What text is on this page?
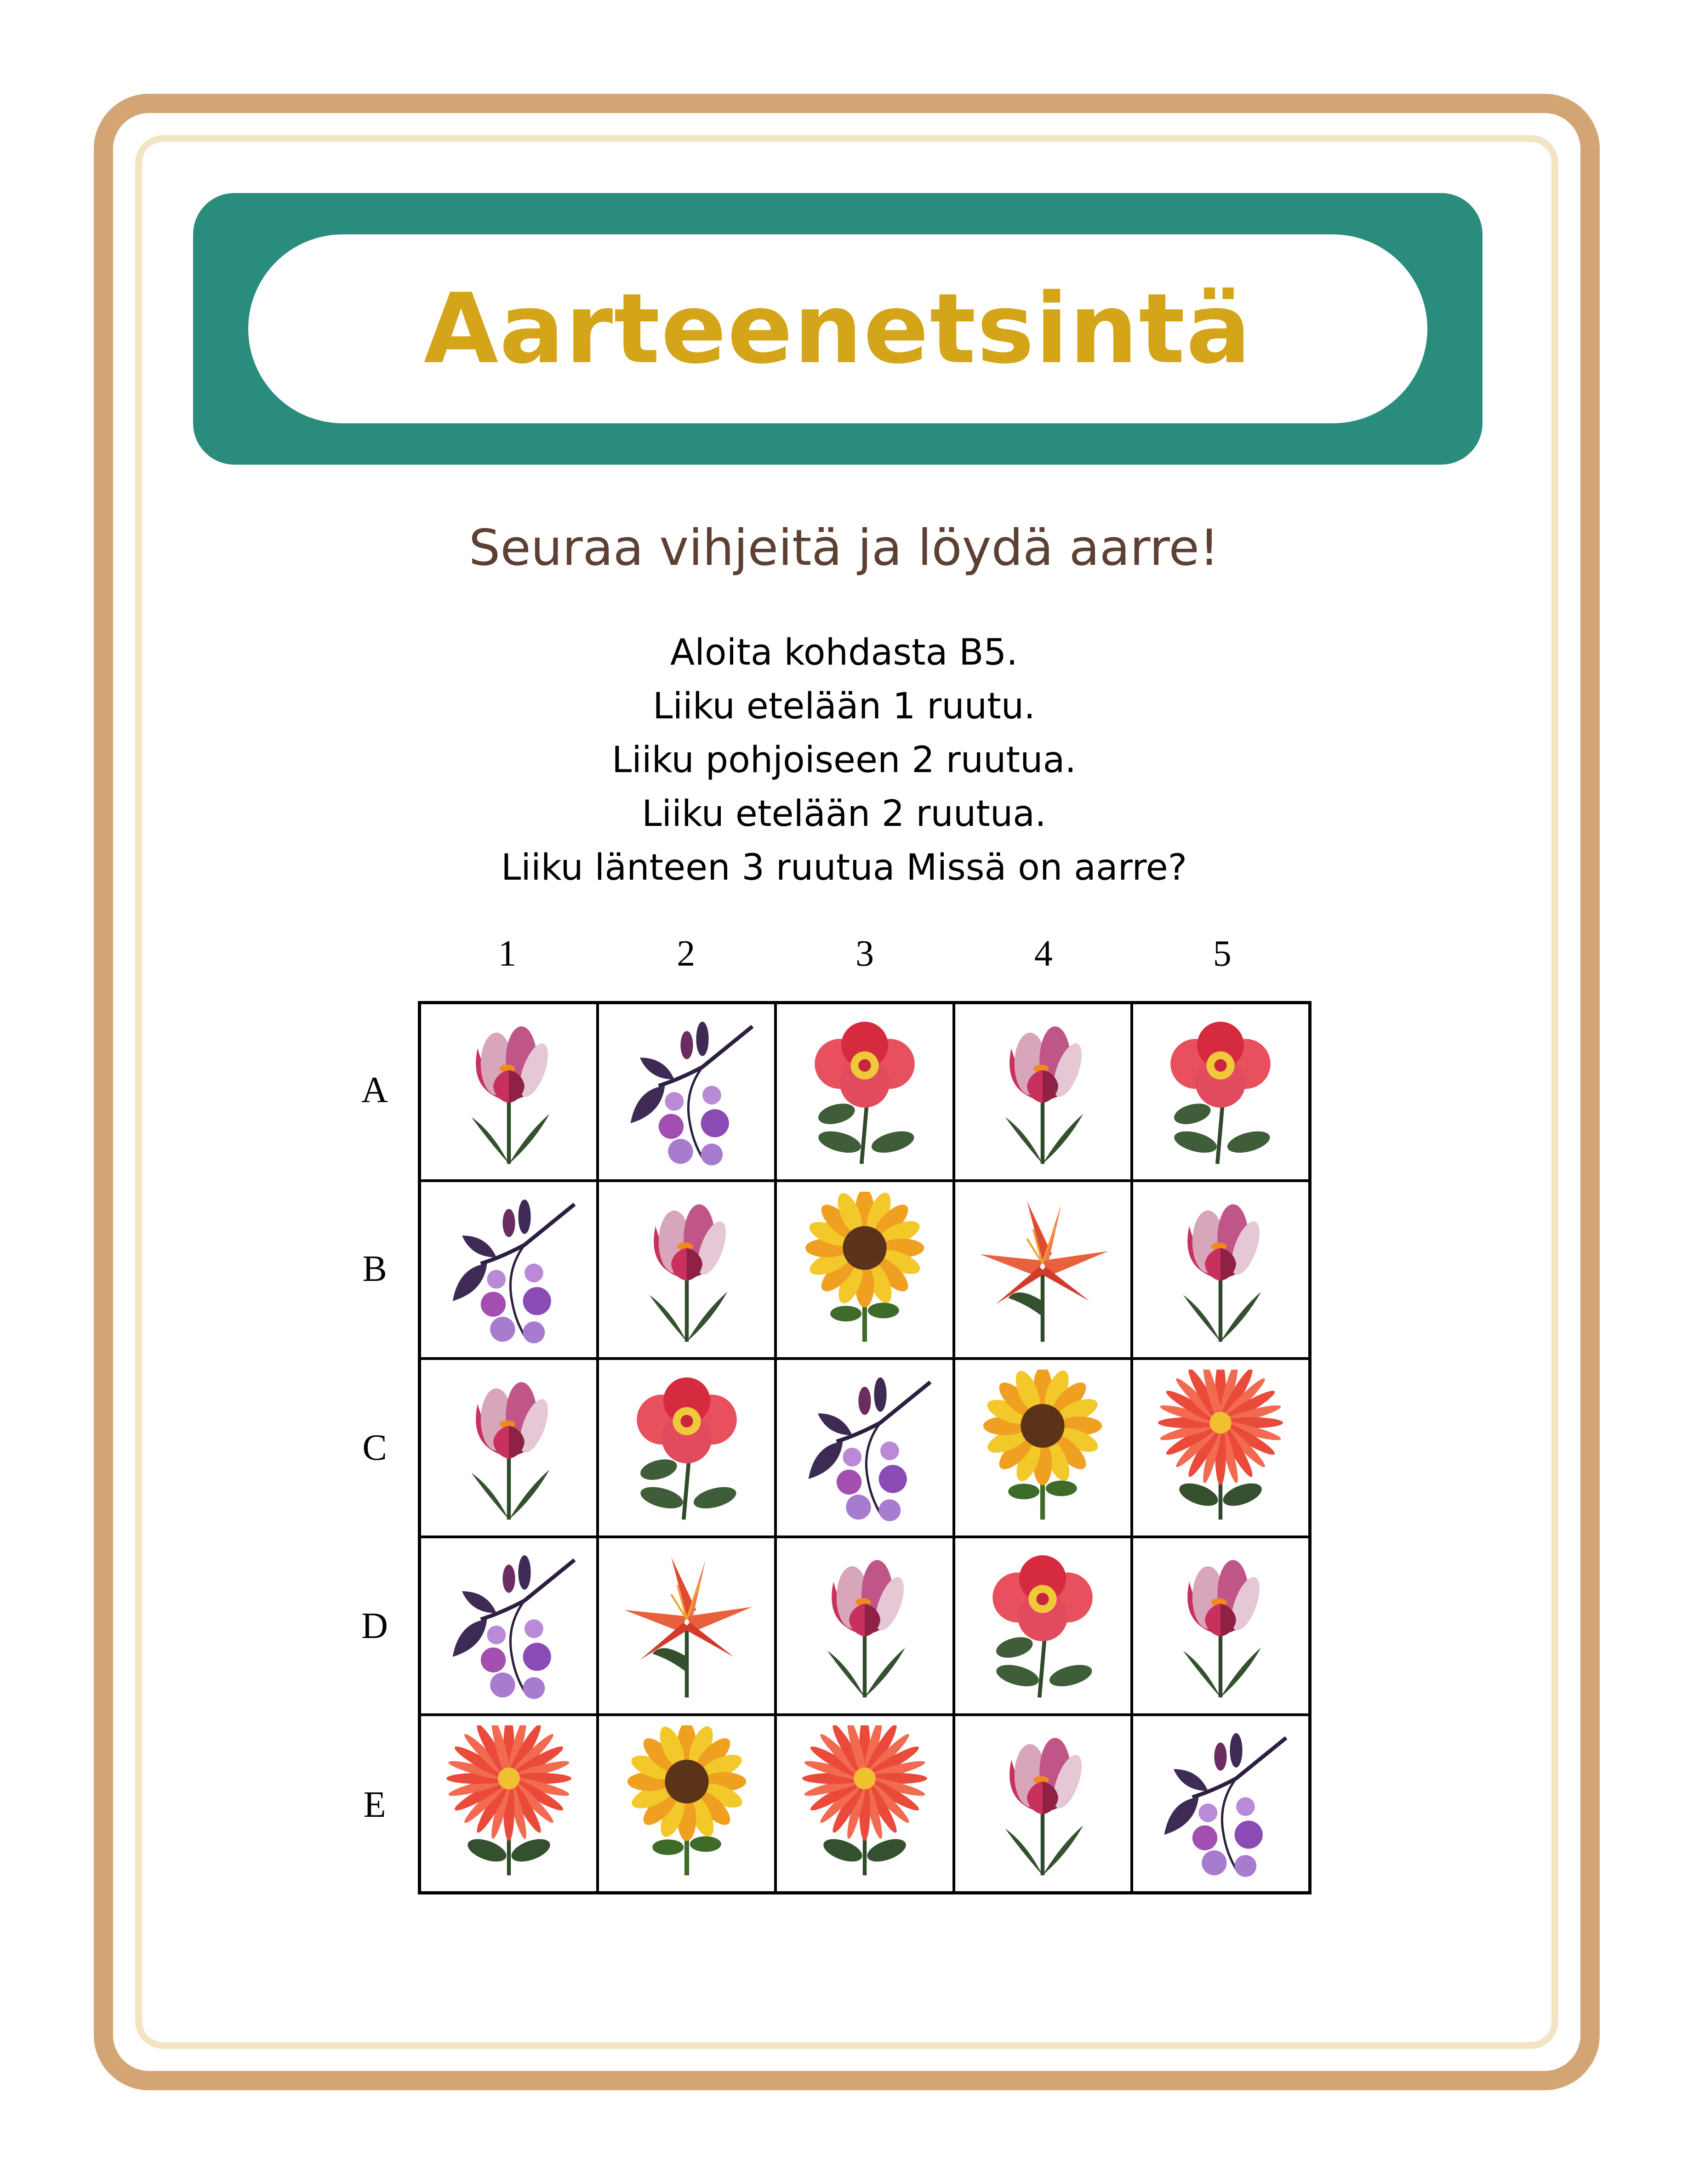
Aarteenetsintä
Seuraa vihjeitä ja löydä aarre!
Aloita kohdasta B5.
Liiku etelään 1 ruutu.
Liiku pohjoiseen 2 ruutua.
Liiku etelään 2 ruutua.
Liiku länteen 3 ruutua Missä on aarre?
1	2	3	4	5
A
B
C
D
E
